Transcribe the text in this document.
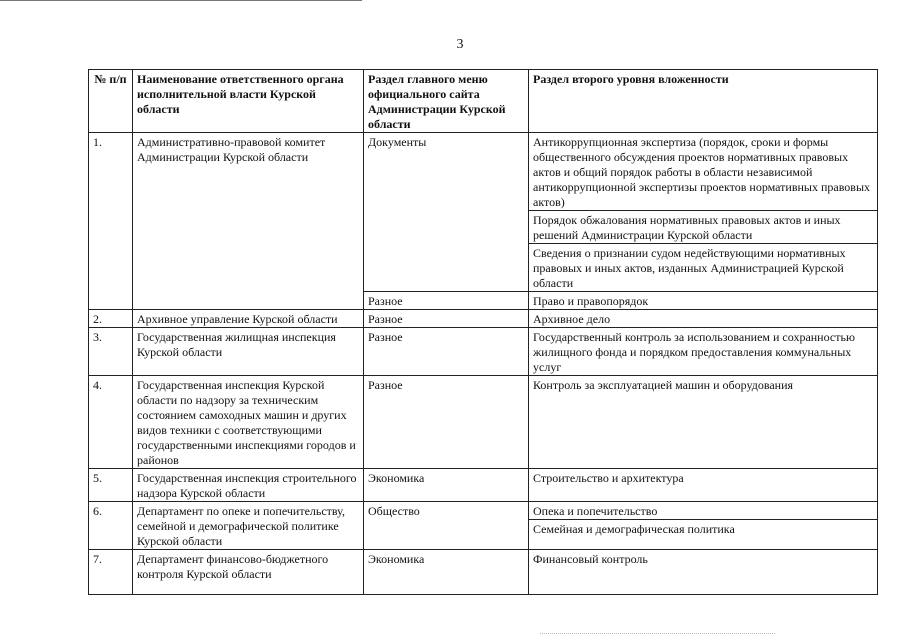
3
№ п/п	Наименование ответственного органа исполнительной власти Курской области	Раздел главного меню официального сайта Администрации Курской области	Раздел второго уровня вложенности
1.	Административно-правовой комитет Администрации Курской области	Документы	Антикоррупционная экспертиза (порядок, сроки и формы общественного обсуждения проектов нормативных правовых актов и общий порядок работы в области независимой антикоррупционной экспертизы проектов нормативных правовых актов)
			Порядок обжалования нормативных правовых актов и иных решений Администрации Курской области
			Сведения о признании судом недействующими нормативных правовых и иных актов, изданных Администрацией Курской области
		Разное	Право и правопорядок
2.	Архивное управление Курской области	Разное	Архивное дело
3.	Государственная жилищная инспекция Курской области	Разное	Государственный контроль за использованием и сохранностью жилищного фонда и порядком предоставления коммунальных услуг
4.	Государственная инспекция Курской области по надзору за техническим состоянием самоходных машин и других видов техники с соответствующими государственными инспекциями городов и районов	Разное	Контроль за эксплуатацией машин и оборудования
5.	Государственная инспекция строительного надзора Курской области	Экономика	Строительство и архитектура
6.	Департамент по опеке и попечительству, семейной и демографической политике Курской области	Общество	Опека и попечительство
			Семейная и демографическая политика
7.	Департамент финансово-бюджетного контроля Курской области	Экономика	Финансовый контроль
